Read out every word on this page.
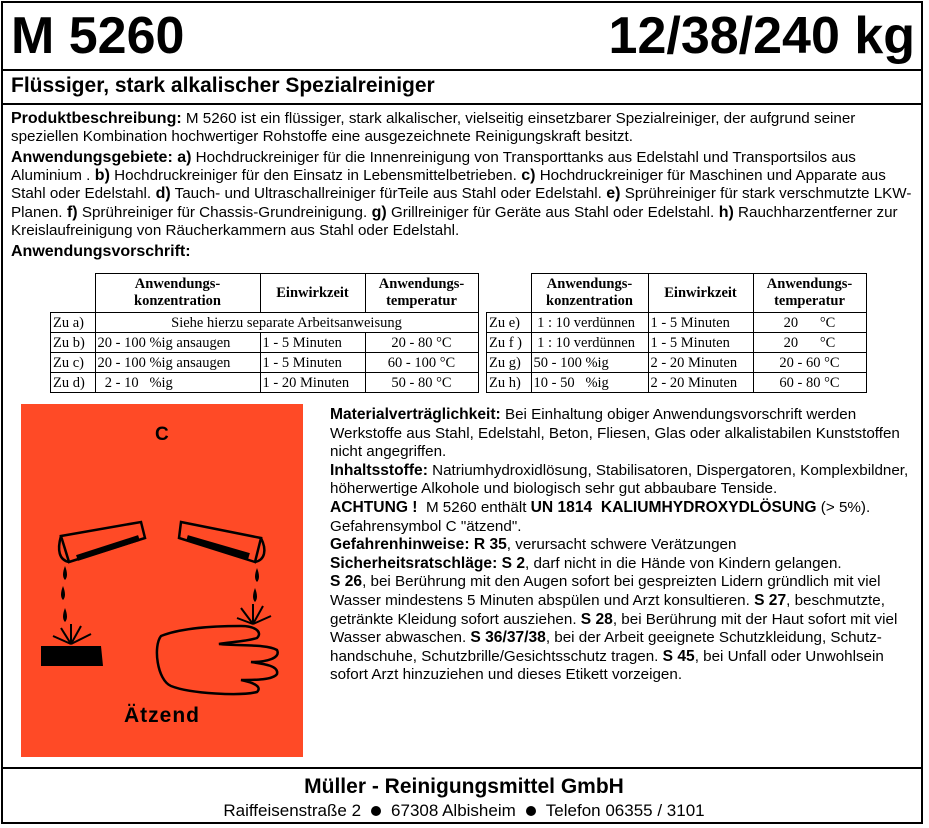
M 5260	12/38/240 kg
Flüssiger, stark alkalischer Spezialreiniger
Produktbeschreibung: M 5260 ist ein flüssiger, stark alkalischer, vielseitig einsetzbarer Spezialreiniger, der aufgrund seiner speziellen Kombination hochwertiger Rohstoffe eine ausgezeichnete Reinigungskraft besitzt.
Anwendungsgebiete: a) Hochdruckreiniger für die Innenreinigung von Transporttanks aus Edelstahl und Transportsilos aus Aluminium . b) Hochdruckreiniger für den Einsatz in Lebensmittelbetrieben. c) Hochdruckreiniger für Maschinen und Apparate aus Stahl oder Edelstahl. d) Tauch- und Ultraschallreiniger fürTeile aus Stahl oder Edelstahl. e) Sprühreiniger für stark verschmutzte LKW-Planen. f) Sprühreiniger für Chassis-Grundreinigung. g) Grillreiniger für Geräte aus Stahl oder Edelstahl. h) Rauchharzentferner zur Kreislaufreinigung von Räucherkammern aus Stahl oder Edelstahl.
Anwendungsvorschrift:
	Anwendungs-
konzentration	Einwirkzeit	Anwendungs-
temperatur
Zu a)	Siehe hierzu separate Arbeitsanweisung		
Zu b)	20 - 100 %ig ansaugen	1 - 5 Minuten	20 - 80 °C
Zu c)	20 - 100 %ig ansaugen	1 - 5 Minuten	60 - 100 °C
Zu d)	2 - 10   %ig	1 - 20 Minuten	50 - 80 °C
	Anwendungs-
konzentration	Einwirkzeit	Anwendungs-
temperatur
Zu e)	1 : 10 verdünnen	1 - 5 Minuten	20      °C
Zu f )	1 : 10 verdünnen	1 - 5 Minuten	20      °C
Zu g)	50 - 100 %ig	2 - 20 Minuten	20 - 60 °C
Zu h)	10 - 50   %ig	2 - 20 Minuten	60 - 80 °C
C
Ätzend
Materialverträglichkeit: Bei Einhaltung obiger Anwendungsvorschrift werden Werkstoffe aus Stahl, Edelstahl, Beton, Fliesen, Glas oder alkalistabilen Kunststoffen nicht angegriffen.
Inhaltsstoffe: Natriumhydroxidlösung, Stabilisatoren, Dispergatoren, Komplexbildner, höherwertige Alkohole und biologisch sehr gut abbaubare Tenside.
ACHTUNG !  M 5260 enthält UN 1814  KALIUMHYDROXYDLÖSUNG (> 5%). Gefahrensymbol C "ätzend".
Gefahrenhinweise: R 35, verursacht schwere Verätzungen
Sicherheitsratschläge: S 2, darf nicht in die Hände von Kindern gelangen.
S 26, bei Berührung mit den Augen sofort bei gespreizten Lidern gründlich mit viel Wasser mindestens 5 Minuten abspülen und Arzt konsultieren. S 27, beschmutzte, getränkte Kleidung sofort ausziehen. S 28, bei Berührung mit der Haut sofort mit viel Wasser abwaschen. S 36/37/38, bei der Arbeit geeignete Schutzkleidung, Schutz-handschuhe, Schutzbrille/Gesichtsschutz tragen. S 45, bei Unfall oder Unwohlsein sofort Arzt hinzuziehen und dieses Etikett vorzeigen.
Müller - Reinigungsmittel GmbH
Raiffeisenstraße 2 67308 Albisheim Telefon 06355 / 3101
